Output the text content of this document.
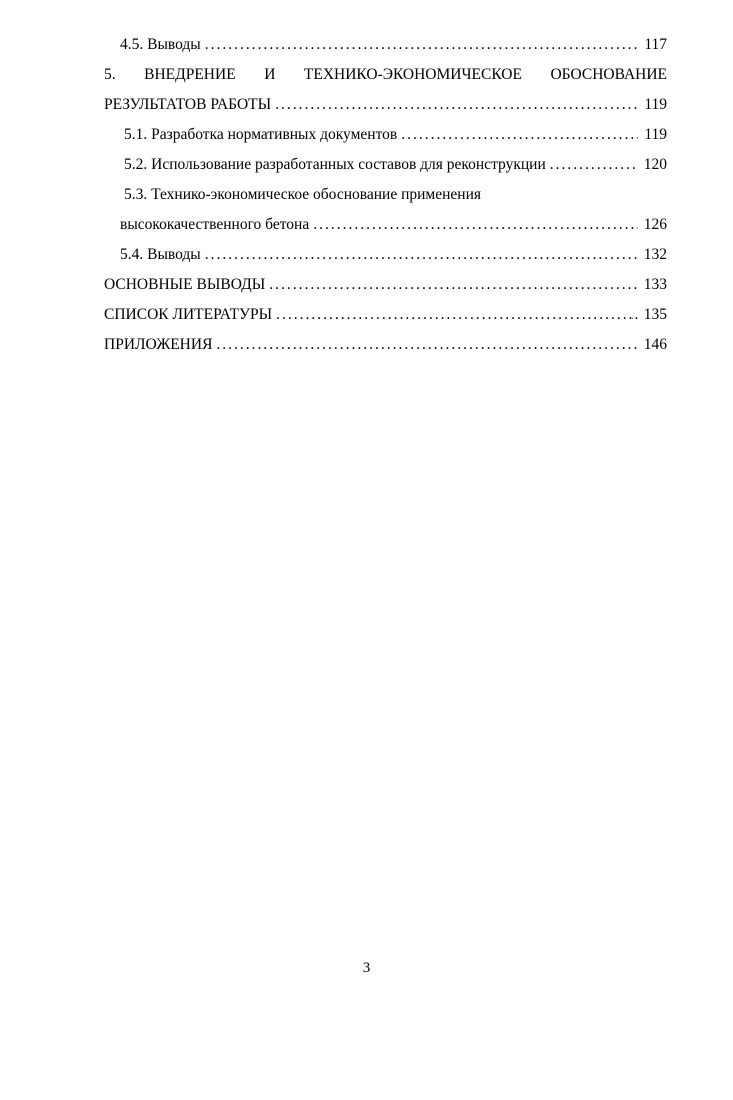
4.5. Выводы .....	117
5. ВНЕДРЕНИЕ И ТЕХНИКО-ЭКОНОМИЧЕСКОЕ ОБОСНОВАНИЕ
РЕЗУЛЬТАТОВ РАБОТЫ .....	119
5.1. Разработка нормативных документов .....	119
5.2. Использование разработанных составов для реконструкции .....	120
5.3. Технико-экономическое обоснование применения
высококачественного бетона .....	126
5.4. Выводы .....	132
ОСНОВНЫЕ ВЫВОДЫ .....	133
СПИСОК ЛИТЕРАТУРЫ .....	135
ПРИЛОЖЕНИЯ .....	146
3
